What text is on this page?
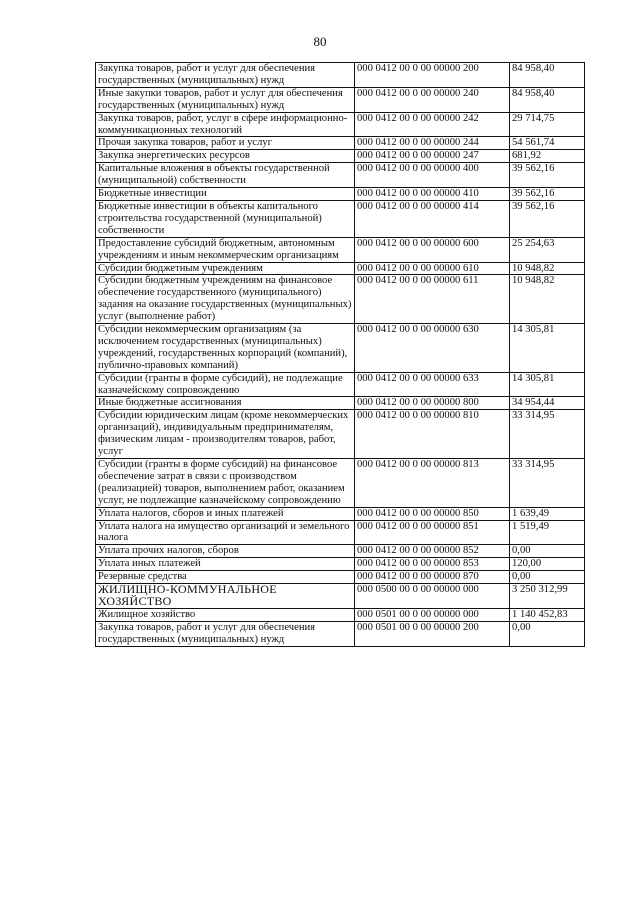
80
Закупка товаров, работ и услуг для обеспечения государственных (муниципальных) нужд	000 0412 00 0 00 00000 200	84 958,40
Иные закупки товаров, работ и услуг для обеспечения государственных (муниципальных) нужд	000 0412 00 0 00 00000 240	84 958,40
Закупка товаров, работ, услуг в сфере информационно-коммуникационных технологий	000 0412 00 0 00 00000 242	29 714,75
Прочая закупка товаров, работ и услуг	000 0412 00 0 00 00000 244	54 561,74
Закупка энергетических ресурсов	000 0412 00 0 00 00000 247	681,92
Капитальные вложения в объекты государственной (муниципальной) собственности	000 0412 00 0 00 00000 400	39 562,16
Бюджетные инвестиции	000 0412 00 0 00 00000 410	39 562,16
Бюджетные инвестиции в объекты капитального строительства государственной (муниципальной) собственности	000 0412 00 0 00 00000 414	39 562,16
Предоставление субсидий бюджетным, автономным учреждениям и иным некоммерческим организациям	000 0412 00 0 00 00000 600	25 254,63
Субсидии бюджетным учреждениям	000 0412 00 0 00 00000 610	10 948,82
Субсидии бюджетным учреждениям на финансовое обеспечение государственного (муниципального) задания на оказание государственных (муниципальных) услуг (выполнение работ)	000 0412 00 0 00 00000 611	10 948,82
Субсидии некоммерческим организациям (за исключением государственных (муниципальных) учреждений, государственных корпораций (компаний), публично-правовых компаний)	000 0412 00 0 00 00000 630	14 305,81
Субсидии (гранты в форме субсидий), не подлежащие казначейскому сопровождению	000 0412 00 0 00 00000 633	14 305,81
Иные бюджетные ассигнования	000 0412 00 0 00 00000 800	34 954,44
Субсидии юридическим лицам (кроме некоммерческих организаций), индивидуальным предпринимателям, физическим лицам - производителям товаров, работ, услуг	000 0412 00 0 00 00000 810	33 314,95
Субсидии (гранты в форме субсидий) на финансовое обеспечение затрат в связи с производством (реализацией) товаров, выполнением работ, оказанием услуг, не подлежащие казначейскому сопровождению	000 0412 00 0 00 00000 813	33 314,95
Уплата налогов, сборов и иных платежей	000 0412 00 0 00 00000 850	1 639,49
Уплата налога на имущество организаций и земельного налога	000 0412 00 0 00 00000 851	1 519,49
Уплата прочих налогов, сборов	000 0412 00 0 00 00000 852	0,00
Уплата иных платежей	000 0412 00 0 00 00000 853	120,00
Резервные средства	000 0412 00 0 00 00000 870	0,00
ЖИЛИЩНО-КОММУНАЛЬНОЕ ХОЗЯЙСТВО	000 0500 00 0 00 00000 000	3 250 312,99
Жилищное хозяйство	000 0501 00 0 00 00000 000	1 140 452,83
Закупка товаров, работ и услуг для обеспечения государственных (муниципальных) нужд	000 0501 00 0 00 00000 200	0,00
